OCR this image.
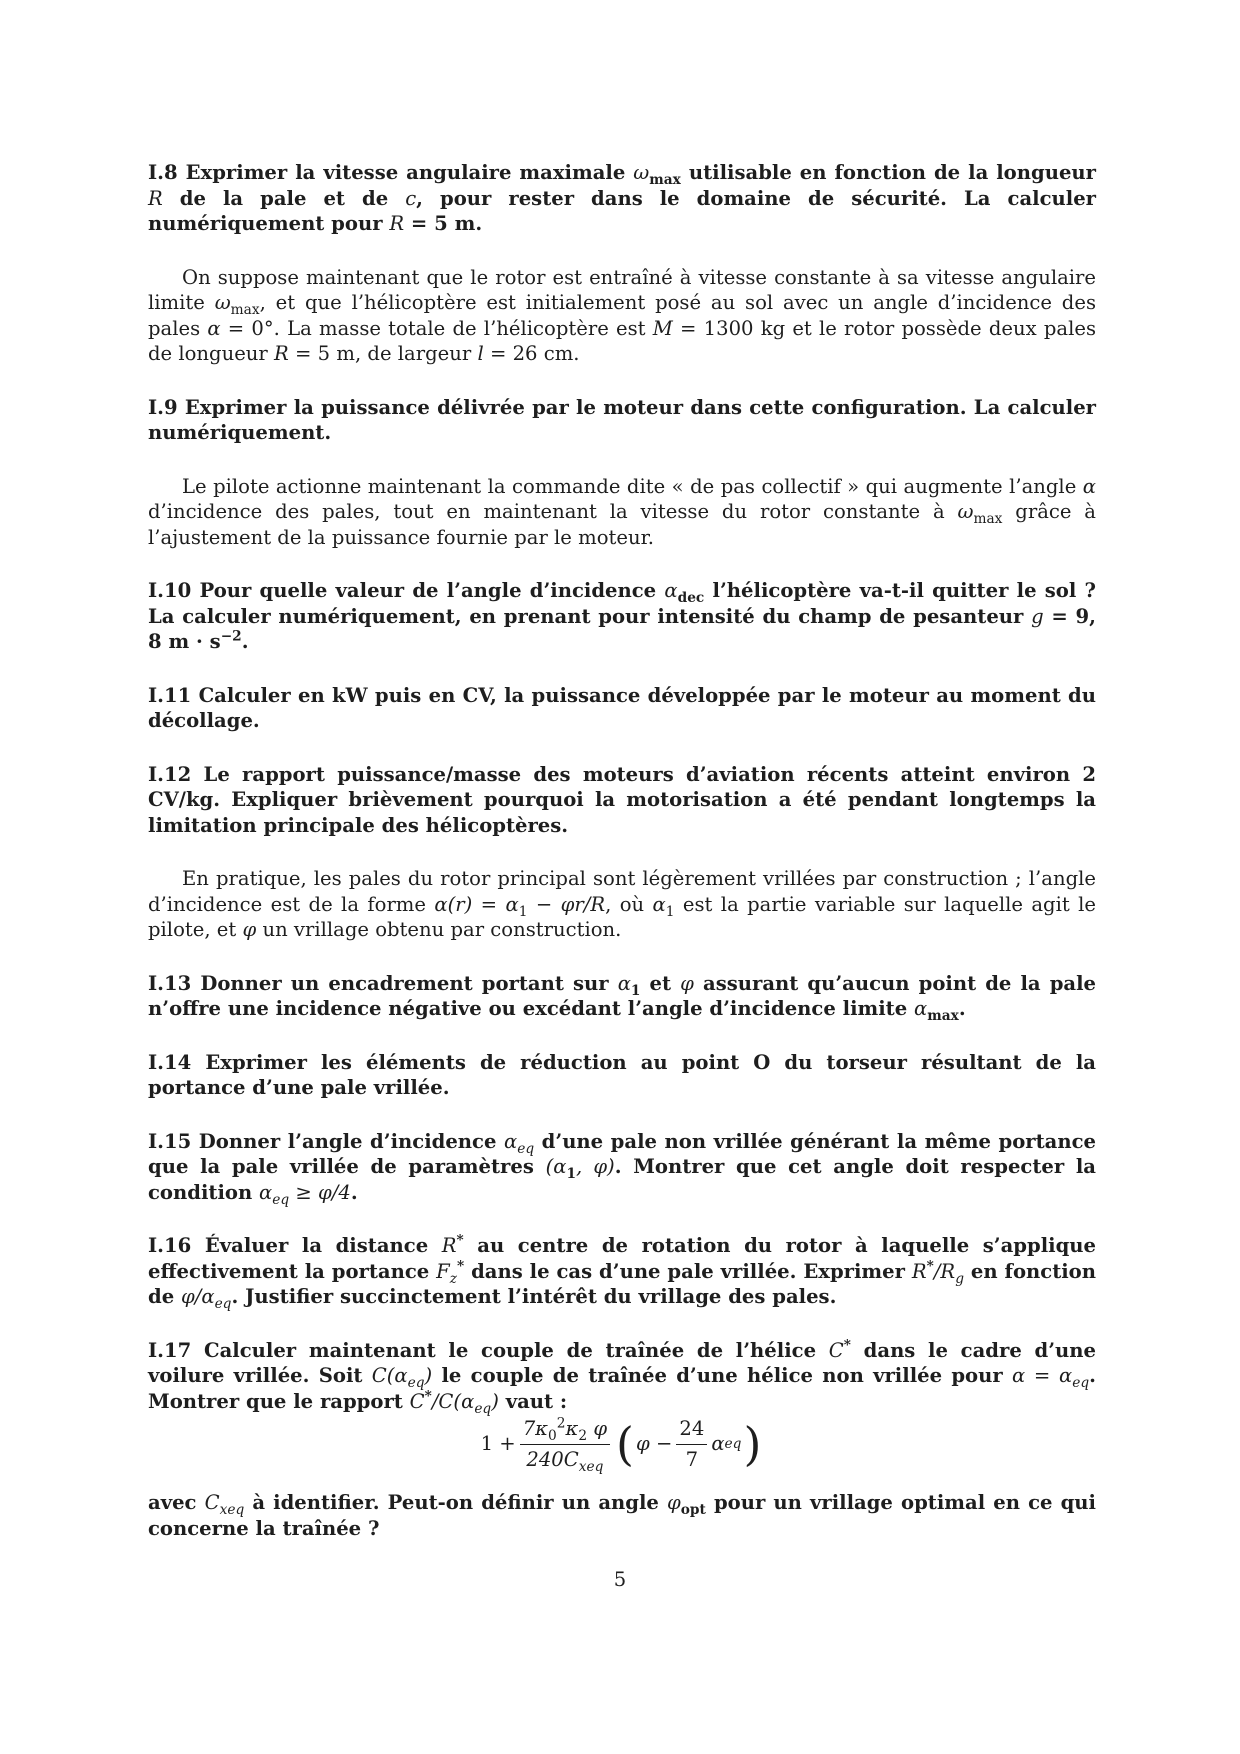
I.8 Exprimer la vitesse angulaire maximale $\omega_{max}$ utilisable en fonction de la longueur R de la pale et de c, pour rester dans le domaine de sécurité. La calculer numériquement pour R = 5 m.

On suppose maintenant que le rotor est entraîné à vitesse constante à sa vitesse angulaire limite $\omega_{max}$, et que l’hélicoptère est initialement posé au sol avec un angle d’incidence des pales α = 0°. La masse totale de l’hélicoptère est M = 1300 kg et le rotor possède deux pales de longueur R = 5 m, de largeur l = 26 cm.

I.9 Exprimer la puissance délivrée par le moteur dans cette configuration. La calculer numériquement.

Le pilote actionne maintenant la commande dite « de pas collectif » qui augmente l’angle α d’incidence des pales, tout en maintenant la vitesse du rotor constante à $\omega_{max}$ grâce à l’ajustement de la puissance fournie par le moteur.

I.10 Pour quelle valeur de l’angle d’incidence $\alpha_{dec}$ l’hélicoptère va-t-il quitter le sol ? La calculer numériquement, en prenant pour intensité du champ de pesanteur g = 9, 8 $m \cdot s^{-2}$.

I.11 Calculer en kW puis en CV, la puissance développée par le moteur au moment du décollage.

I.12 Le rapport puissance/masse des moteurs d’aviation récents atteint environ 2 CV/kg. Expliquer brièvement pourquoi la motorisation a été pendant longtemps la limitation principale des hélicoptères.

En pratique, les pales du rotor principal sont légèrement vrillées par construction ; l’angle d’incidence est de la forme $\alpha(r) = \alpha_1 - \varphi r/R$, où $\alpha_1$ est la partie variable sur laquelle agit le pilote, et φ un vrillage obtenu par construction.

I.13 Donner un encadrement portant sur $\alpha_1$ et φ assurant qu’aucun point de la pale n’offre une incidence négative ou excédant l’angle d’incidence limite $\alpha_{max}$.

I.14 Exprimer les éléments de réduction au point O du torseur résultant de la portance d’une pale vrillée.

I.15 Donner l’angle d’incidence $\alpha_{eq}$ d’une pale non vrillée générant la même portance que la pale vrillée de paramètres ($\alpha_1$, φ). Montrer que cet angle doit respecter la condition $\alpha_{eq} \ge \varphi/4$.

I.16 Évaluer la distance R* au centre de rotation du rotor à laquelle s’applique effectivement la portance $F_z^*$ dans le cas d’une pale vrillée. Exprimer $R^*/R_g$ en fonction de $\varphi/\alpha_{eq}$. Justifier succinctement l’intérêt du vrillage des pales.

I.17 Calculer maintenant le couple de traînée de l’hélice C* dans le cadre d’une voilure vrillée. Soit $C(\alpha_{eq})$ le couple de traînée d’une hélice non vrillée pour $\alpha = \alpha_{eq}$. Montrer que le rapport $C^*/C(\alpha_{eq})$ vaut :
$1 + \frac{7\kappa_0^2\kappa_2 \varphi}{240C_{xeq}}$ ( $\varphi - \frac{24}{7}$ α eq )
avec $C_{xeq}$ à identifier. Peut-on définir un angle $\varphi_{opt}$ pour un vrillage optimal en ce qui concerne la traînée ?
5
